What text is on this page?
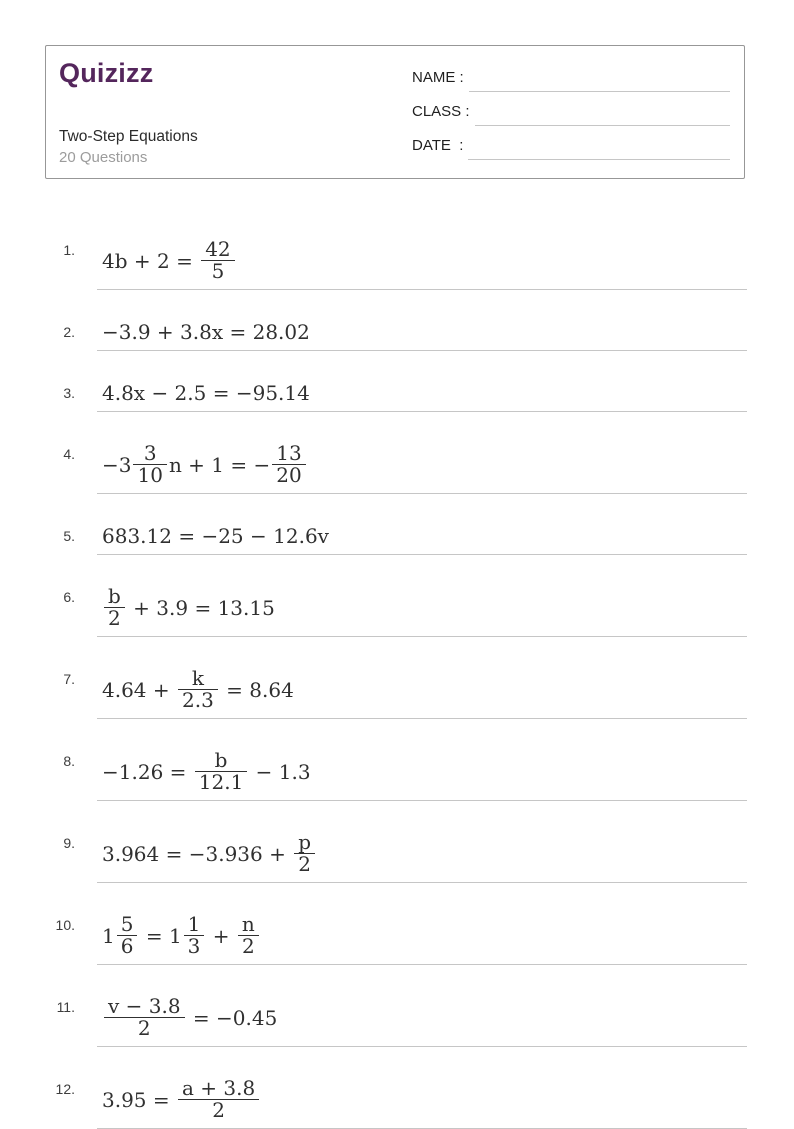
Quizizz
Two-Step Equations
20 Questions
NAME :
CLASS :
DATE  :
1. $4b + 2 = \frac{42}{5}$
2. −3.9 + 3.8x = 28.02
3. 4.8x − 2.5 = −95.14
4. $-3 \frac{3}{10}$ n + 1 = − $\frac{13}{20}$
5. 683.12 = −25 − 12.6v
6. $\frac{b}{2} + 3.9 = 13.15$
7. $4.64 + \frac{k}{2.3} = 8.64$
8. $-1.26 = \frac{b}{12.1} - 1.3$
9. $3.964 = -3.936 + \frac{p}{2}$
10. $1 \frac{5}{6} = 1 \frac{1}{3} + \frac{n}{2}$
11. $\frac{v - 3.8}{2} = -0.45$
12. $3.95 = \frac{a + 3.8}{2}$
